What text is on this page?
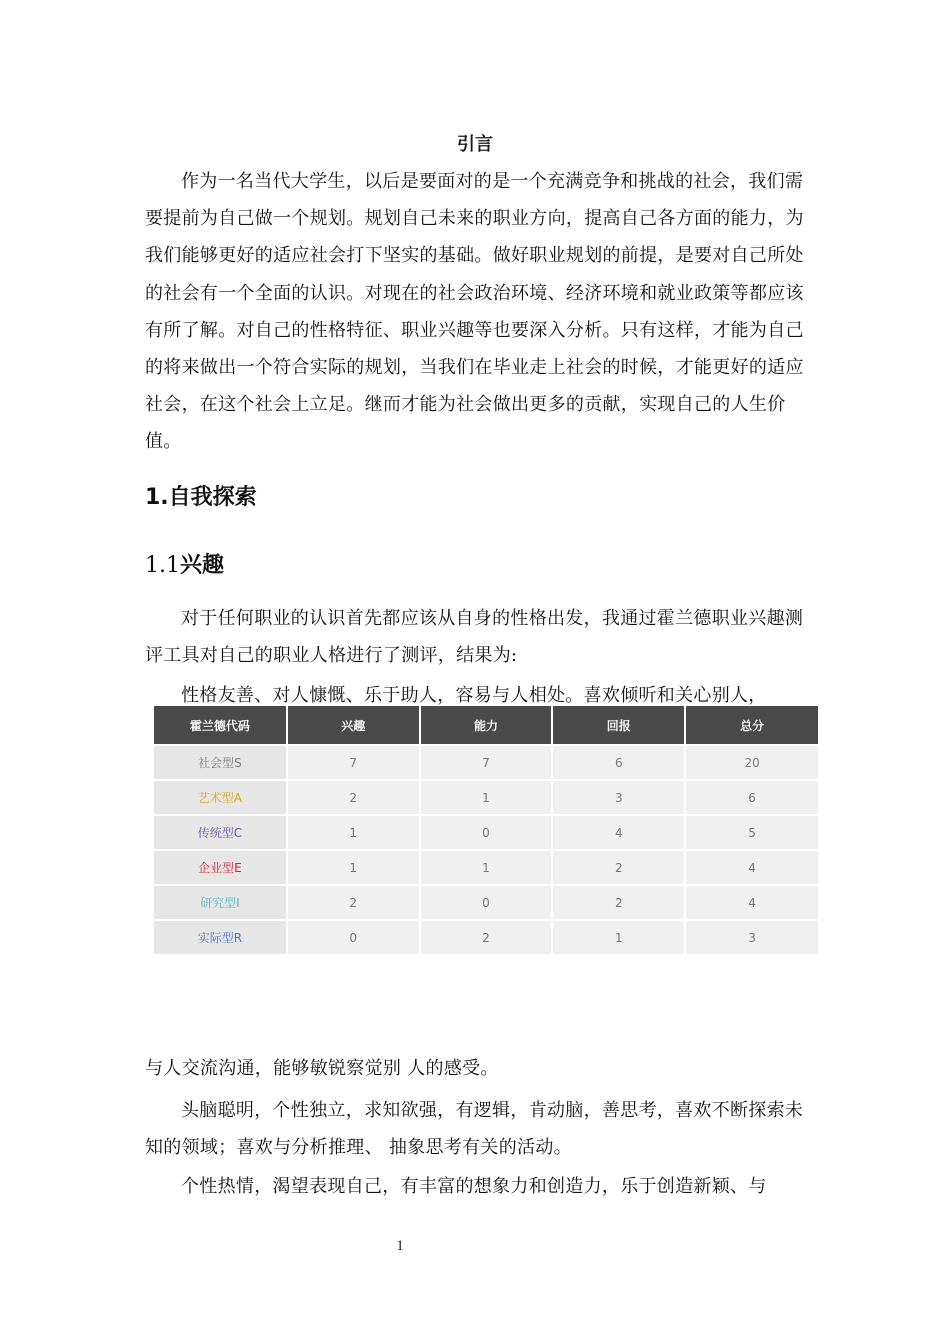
引言
作为一名当代大学生，以后是要面对的是一个充满竞争和挑战的社会，我们需要提前为自己做一个规划。规划自己未来的职业方向，提高自己各方面的能力，为我们能够更好的适应社会打下坚实的基础。做好职业规划的前提，是要对自己所处的社会有一个全面的认识。对现在的社会政治环境、经济环境和就业政策等都应该有所了解。对自己的性格特征、职业兴趣等也要深入分析。只有这样，才能为自己的将来做出一个符合实际的规划，当我们在毕业走上社会的时候，才能更好的适应社会，在这个社会上立足。继而才能为社会做出更多的贡献，实现自己的人生价值。
1.自我探索
1.1兴趣
对于任何职业的认识首先都应该从自身的性格出发，我通过霍兰德职业兴趣测评工具对自己的职业人格进行了测评，结果为:
性格友善、对人慷慨、乐于助人，容易与人相处。喜欢倾听和关心别人，
霍兰德代码	兴趣	能力	回报	总分
社会型S	7	7	6	20
艺术型A	2	1	3	6
传统型C	1	0	4	5
企业型E	1	1	2	4
研究型I	2	0	2	4
实际型R	0	2	1	3
与人交流沟通，能够敏锐察觉别 人的感受。
头脑聪明，个性独立，求知欲强，有逻辑，肯动脑，善思考，喜欢不断探索未知的领域；喜欢与分析推理、 抽象思考有关的活动。
个性热情，渴望表现自己，有丰富的想象力和创造力，乐于创造新颖、与
1
